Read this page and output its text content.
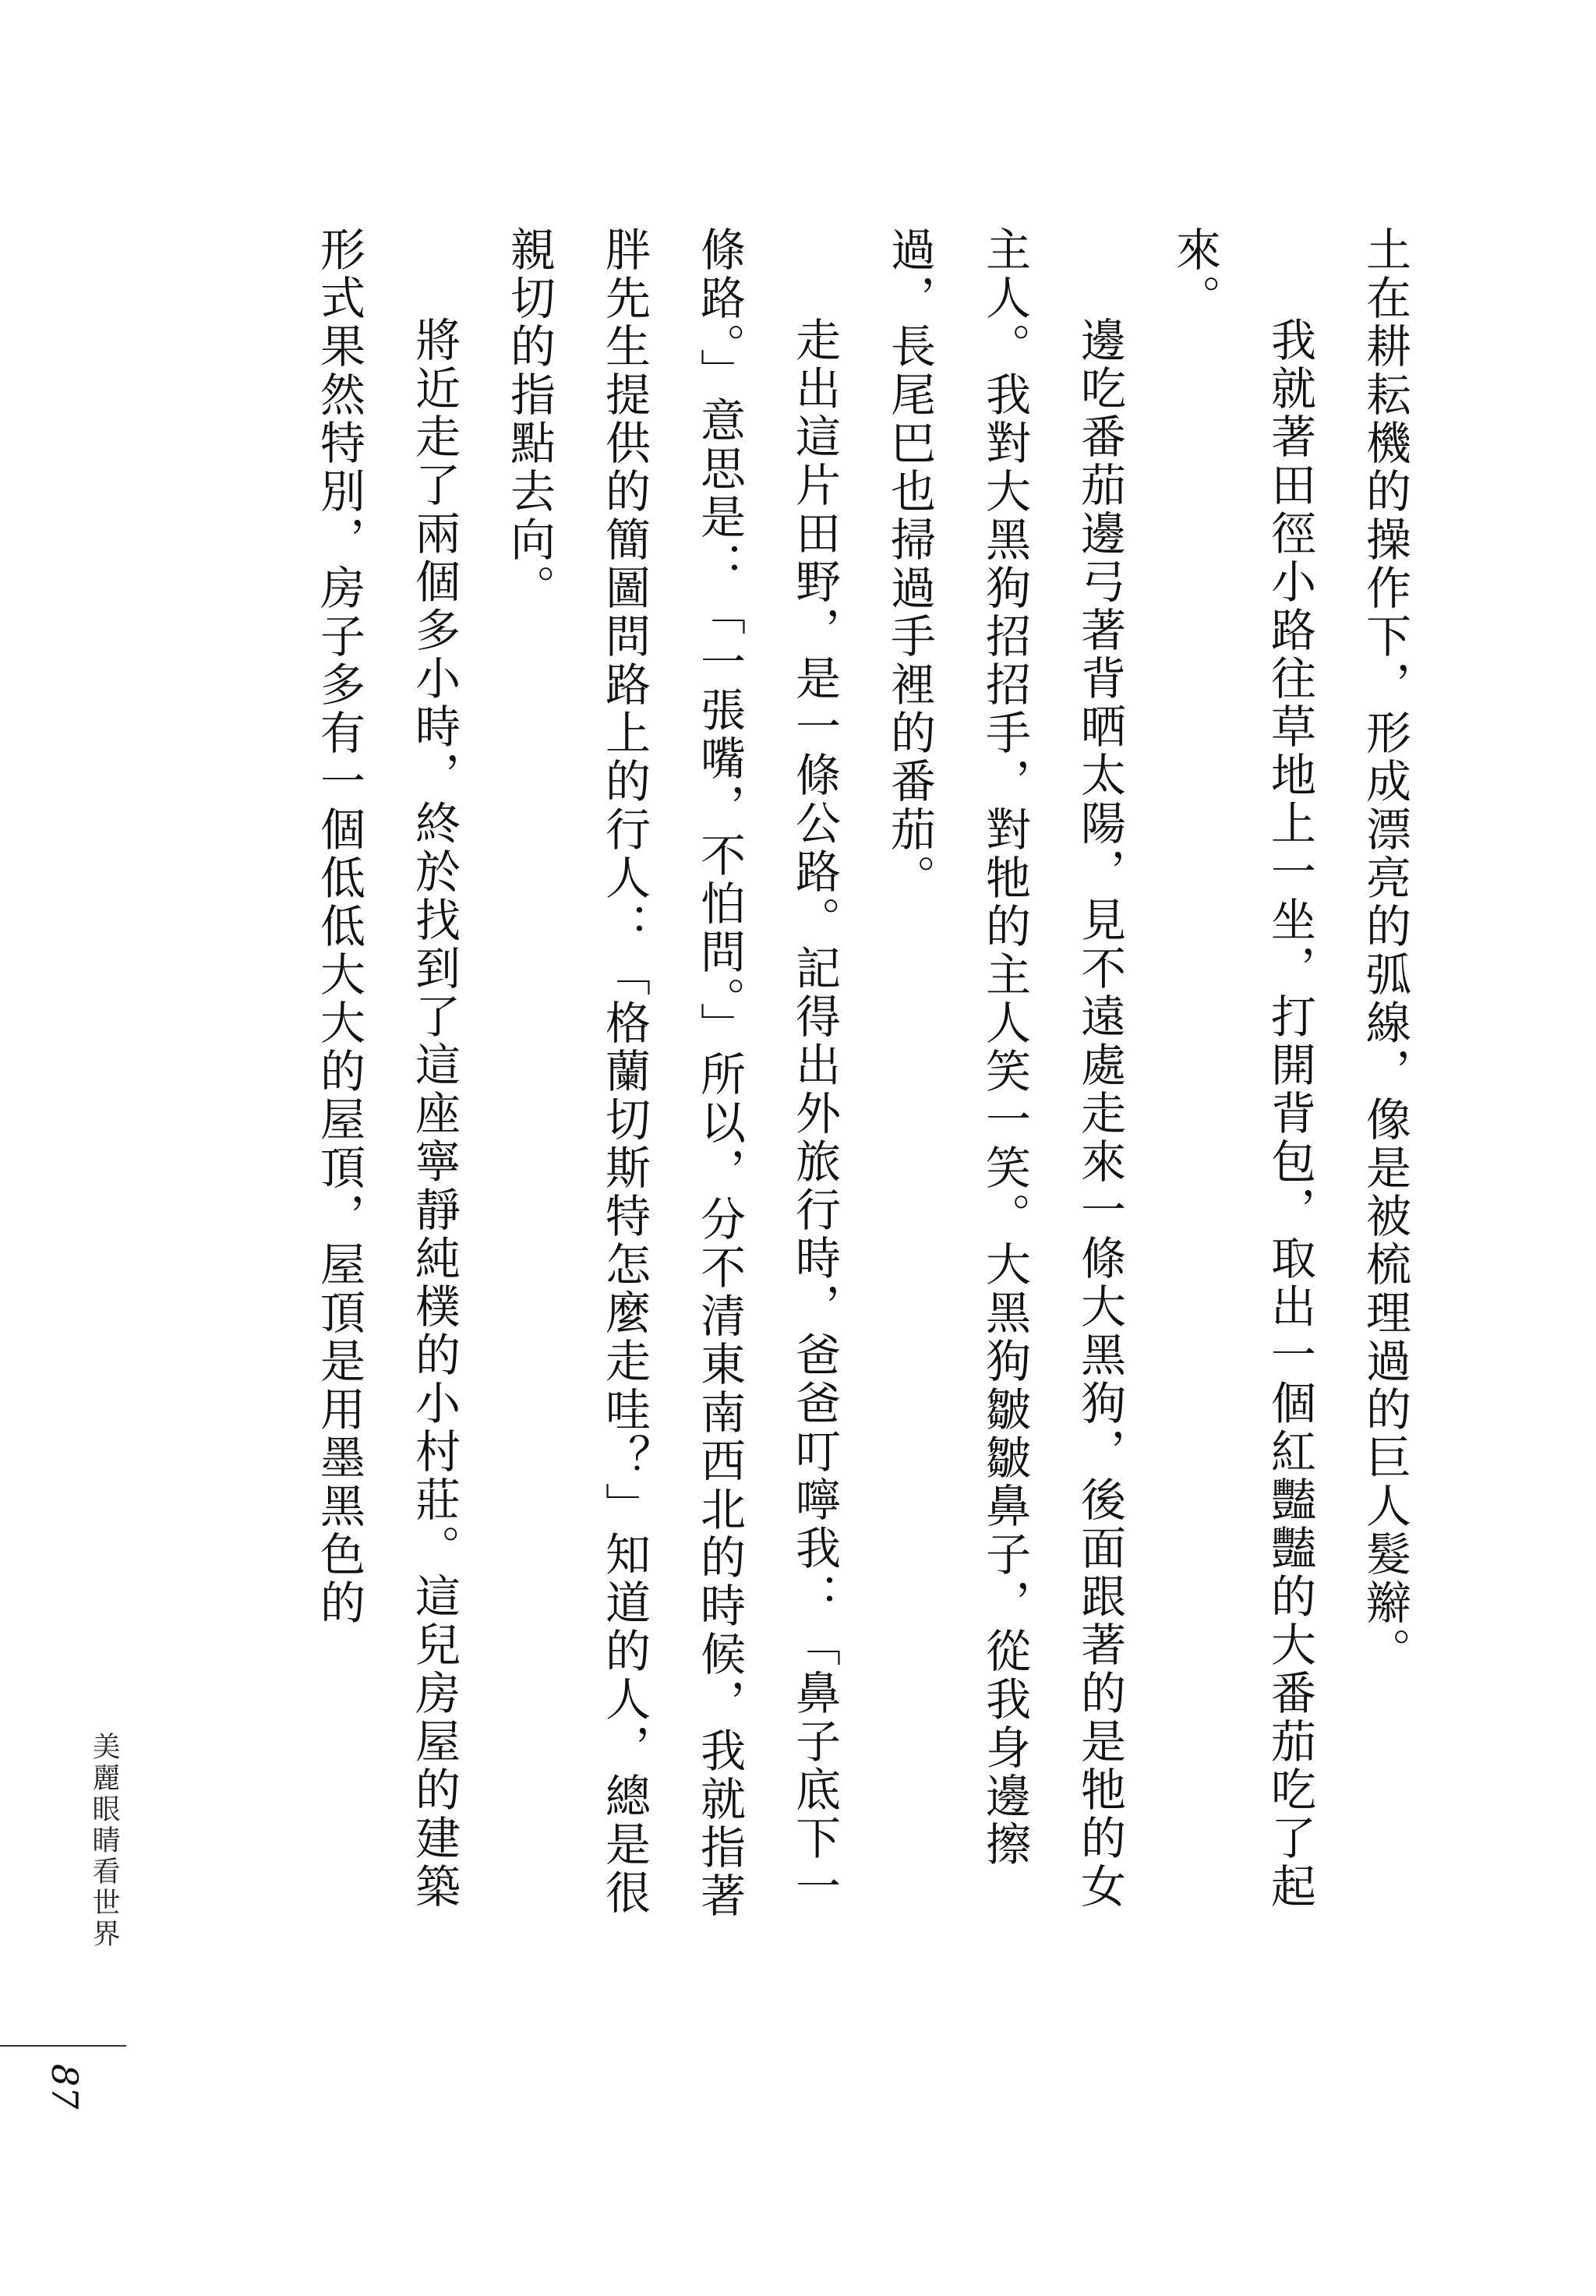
土在耕耘機的操作下，形成漂亮的弧線，像是被梳理過的巨人髮辮。

我就著田徑小路往草地上一坐，打開背包，取出一個紅豔豔的大番茄吃了起來。

邊吃番茄邊弓著背晒太陽，見不遠處走來一條大黑狗，後面跟著的是牠的女主人。我對大黑狗招招手，對牠的主人笑一笑。大黑狗皺皺鼻子，從我身邊擦過，長尾巴也掃過手裡的番茄。

走出這片田野，是一條公路。記得出外旅行時，爸爸叮嚀我：「鼻子底下一條路。」意思是：「一張嘴，不怕問。」所以，分不清東南西北的時候，我就指著胖先生提供的簡圖問路上的行人：「格蘭切斯特怎麼走哇？」知道的人，總是很親切的指點去向。

將近走了兩個多小時，終於找到了這座寧靜純樸的小村莊。這兒房屋的建築形式果然特別，房子多有一個低低大大的屋頂，屋頂是用墨黑色的

美麗眼睛看世界
87
